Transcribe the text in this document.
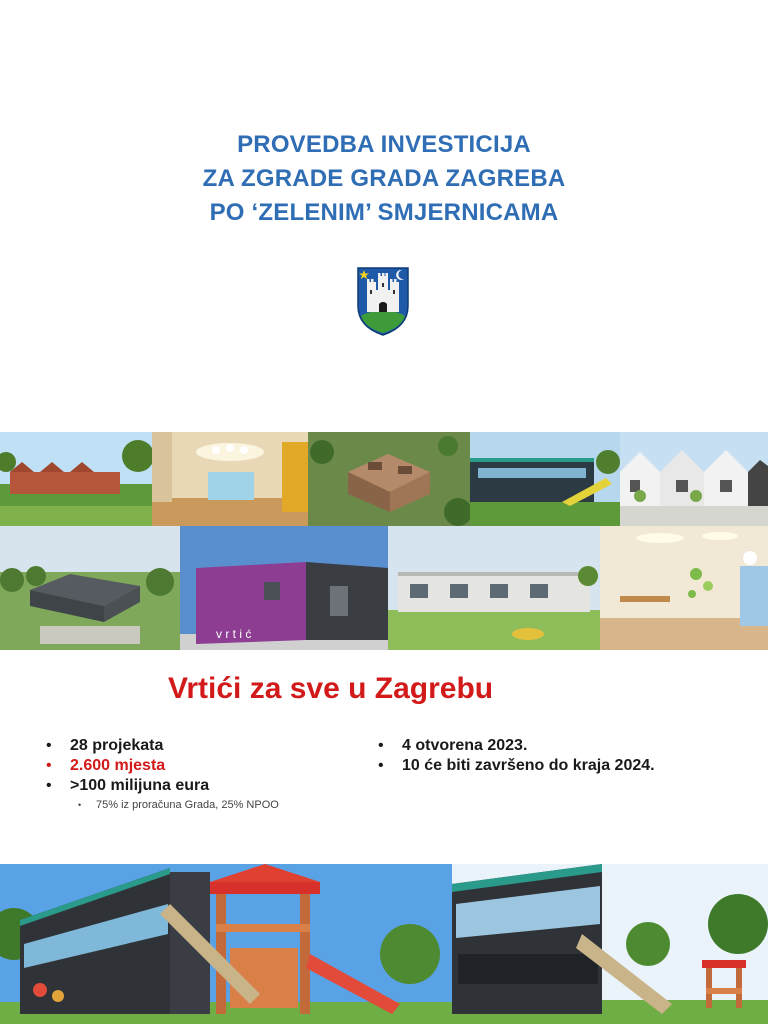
PROVEDBA INVESTICIJA
ZA ZGRADE GRADA ZAGREBA
PO ‘ZELENIM’ SMJERNICAMA
v r t i ć
Vrtići za sve u Zagrebu
• 28 projekata
• 2.600 mjesta
• >100 milijuna eura
• 75% iz proračuna Grada, 25% NPOO
• 4 otvorena 2023.
• 10 će biti završeno do kraja 2024.
